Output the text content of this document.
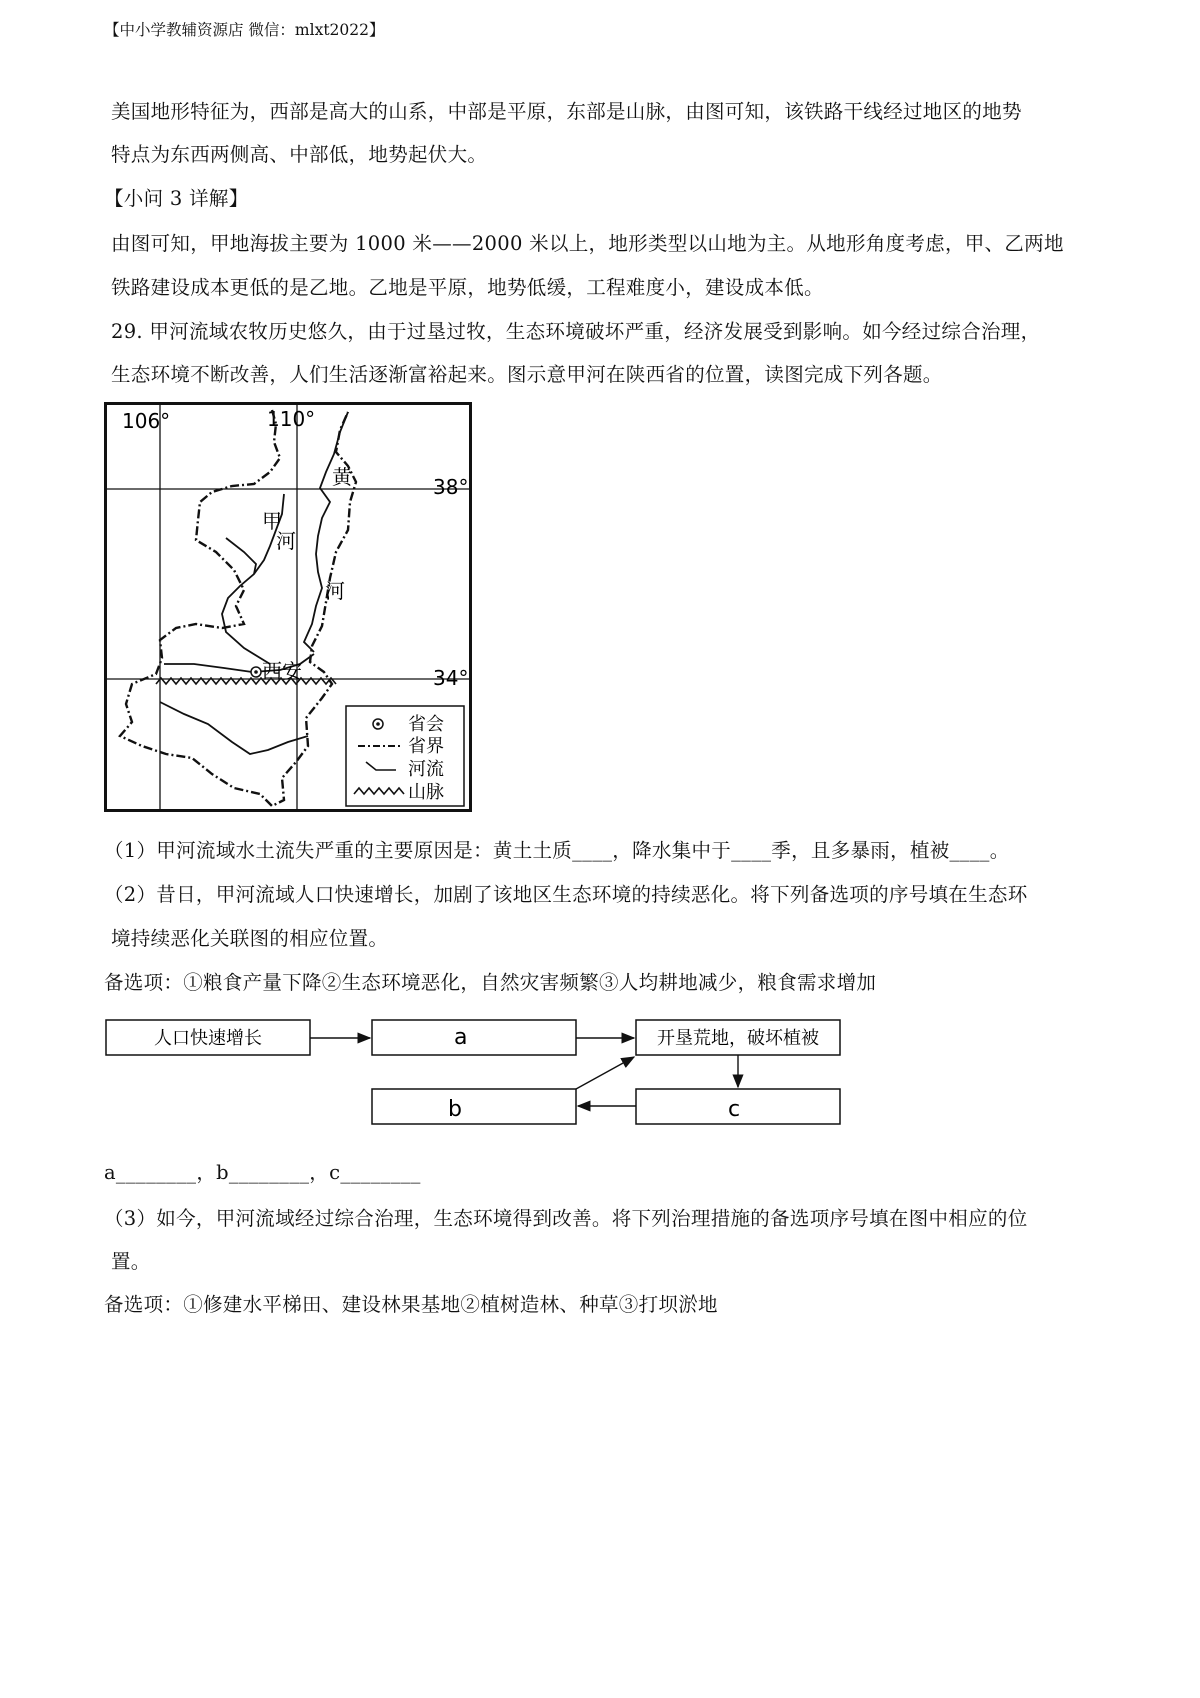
【中小学教辅资源店 微信：mlxt2022】
美国地形特征为，西部是高大的山系，中部是平原，东部是山脉，由图可知，该铁路干线经过地区的地势
特点为东西两侧高、中部低，地势起伏大。
【小问 3 详解】
由图可知，甲地海拔主要为 1000 米——2000 米以上，地形类型以山地为主。从地形角度考虑，甲、乙两地
铁路建设成本更低的是乙地。乙地是平原，地势低缓，工程难度小，建设成本低。
29. 甲河流域农牧历史悠久，由于过垦过牧，生态环境破坏严重，经济发展受到影响。如今经过综合治理，
生态环境不断改善，人们生活逐渐富裕起来。图示意甲河在陕西省的位置，读图完成下列各题。
106°	110°
38°
34°
西安
黄
河
甲
河
省会
省界
河流
山脉
（1）甲河流域水土流失严重的主要原因是：黄土土质____，降水集中于____季，且多暴雨，植被____。
（2）昔日，甲河流域人口快速增长，加剧了该地区生态环境的持续恶化。将下列备选项的序号填在生态环
境持续恶化关联图的相应位置。
备选项：①粮食产量下降②生态环境恶化，自然灾害频繁③人均耕地减少，粮食需求增加
人口快速增长	a	开垦荒地，破坏植被
b	c
a________，b________，c________
（3）如今，甲河流域经过综合治理，生态环境得到改善。将下列治理措施的备选项序号填在图中相应的位
置。
备选项：①修建水平梯田、建设林果基地②植树造林、种草③打坝淤地
